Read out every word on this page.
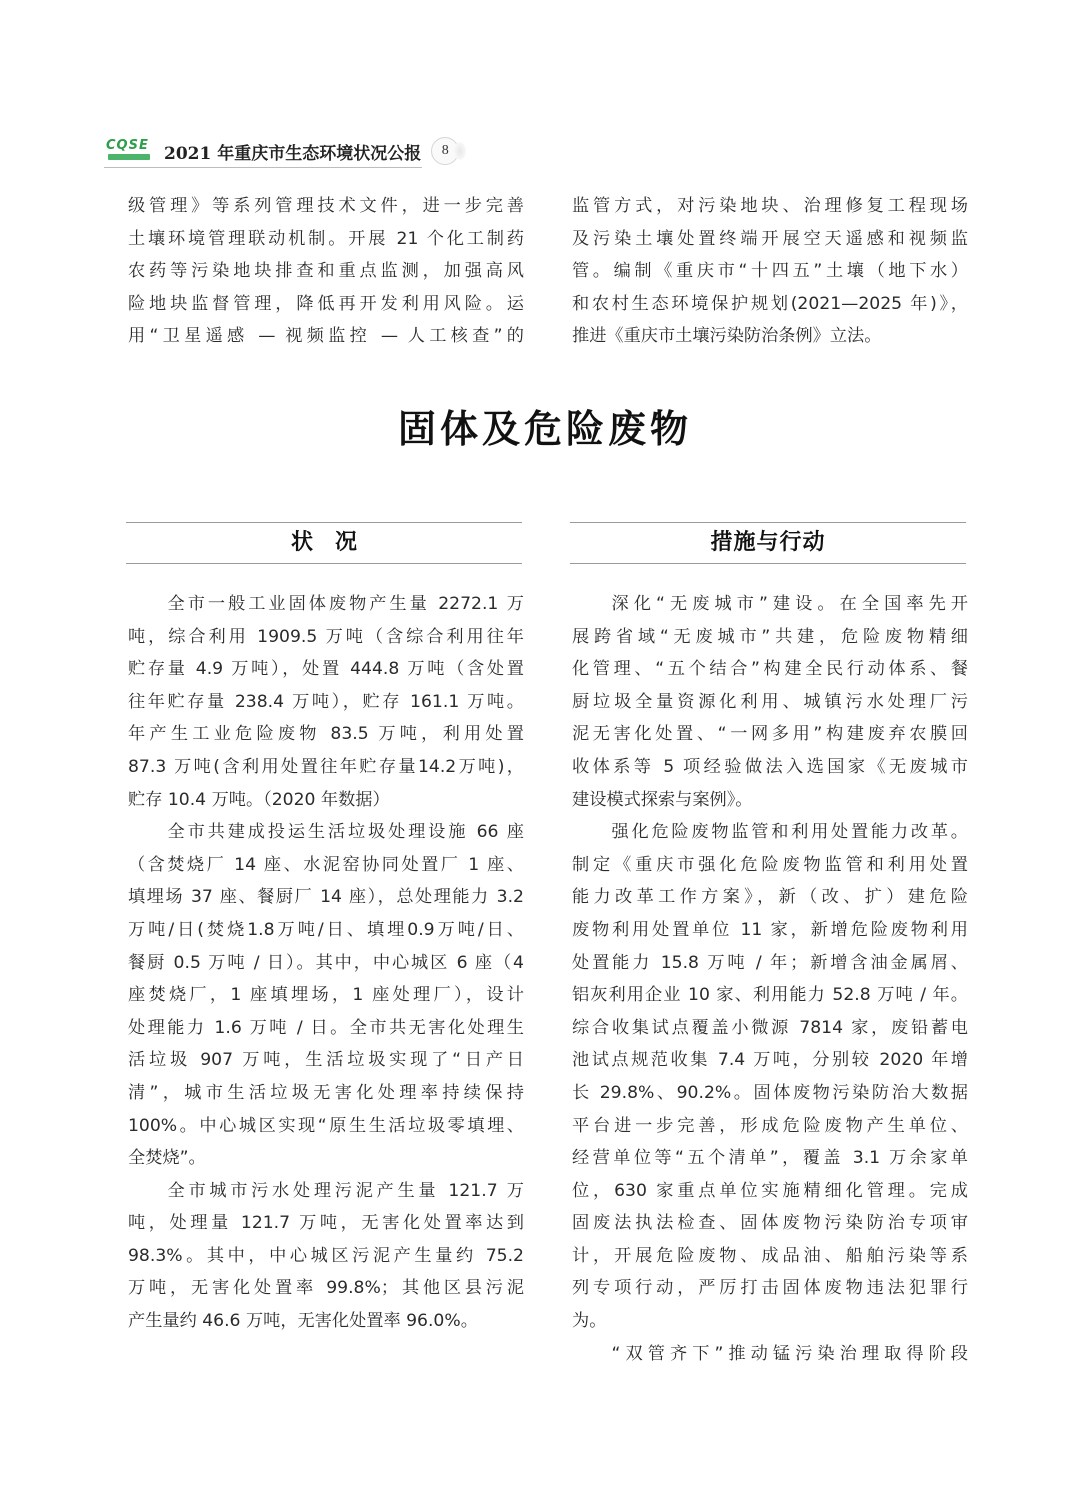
CQSE 2021 年重庆市生态环境状况公报	8
级管理》等系列管理技术文件，进一步完善
土壤环境管理联动机制。开展 21 个化工制药
农药等污染地块排查和重点监测，加强高风
险地块监督管理，降低再开发利用风险。运
用“卫星遥感 — 视频监控 — 人工核查”的
监管方式，对污染地块、治理修复工程现场
及污染土壤处置终端开展空天遥感和视频监
管。编制《重庆市“十四五”土壤（地下水）
和农村生态环境保护规划(2021—2025 年)》，
推进《重庆市土壤污染防治条例》立法。
固体及危险废物
状况	措施与行动
全市一般工业固体废物产生量 2272.1 万
吨，综合利用 1909.5 万吨（含综合利用往年
贮存量 4.9 万吨），处置 444.8 万吨（含处置
往年贮存量 238.4 万吨），贮存 161.1 万吨。
年产生工业危险废物 83.5 万吨，利用处置
87.3 万吨(含利用处置往年贮存量14.2万吨)，
贮存 10.4 万吨。（2020 年数据）
全市共建成投运生活垃圾处理设施 66 座
（含焚烧厂 14 座、水泥窑协同处置厂 1 座、
填埋场 37 座、餐厨厂 14 座），总处理能力 3.2
万吨/日(焚烧1.8万吨/日、填埋0.9万吨/日、
餐厨 0.5 万吨 / 日）。其中，中心城区 6 座（4
座焚烧厂，1 座填埋场，1 座处理厂），设计
处理能力 1.6 万吨 / 日。全市共无害化处理生
活垃圾 907 万吨，生活垃圾实现了“日产日
清”，城市生活垃圾无害化处理率持续保持
100%。中心城区实现“原生生活垃圾零填埋、
全焚烧”。
全市城市污水处理污泥产生量 121.7 万
吨，处理量 121.7 万吨，无害化处置率达到
98.3%。其中，中心城区污泥产生量约 75.2
万吨，无害化处置率 99.8%；其他区县污泥
产生量约 46.6 万吨，无害化处置率 96.0%。
深化“无废城市”建设。在全国率先开
展跨省域“无废城市”共建，危险废物精细
化管理、“五个结合”构建全民行动体系、餐
厨垃圾全量资源化利用、城镇污水处理厂污
泥无害化处置、“一网多用”构建废弃农膜回
收体系等 5 项经验做法入选国家《无废城市
建设模式探索与案例》。
强化危险废物监管和利用处置能力改革。
制定《重庆市强化危险废物监管和利用处置
能力改革工作方案》，新（改、扩）建危险
废物利用处置单位 11 家，新增危险废物利用
处置能力 15.8 万吨 / 年；新增含油金属屑、
铝灰利用企业 10 家、利用能力 52.8 万吨 / 年。
综合收集试点覆盖小微源 7814 家，废铅蓄电
池试点规范收集 7.4 万吨，分别较 2020 年增
长 29.8%、90.2%。固体废物污染防治大数据
平台进一步完善，形成危险废物产生单位、
经营单位等“五个清单”，覆盖 3.1 万余家单
位，630 家重点单位实施精细化管理。完成
固废法执法检查、固体废物污染防治专项审
计，开展危险废物、成品油、船舶污染等系
列专项行动，严厉打击固体废物违法犯罪行
为。
“双管齐下”推动锰污染治理取得阶段
